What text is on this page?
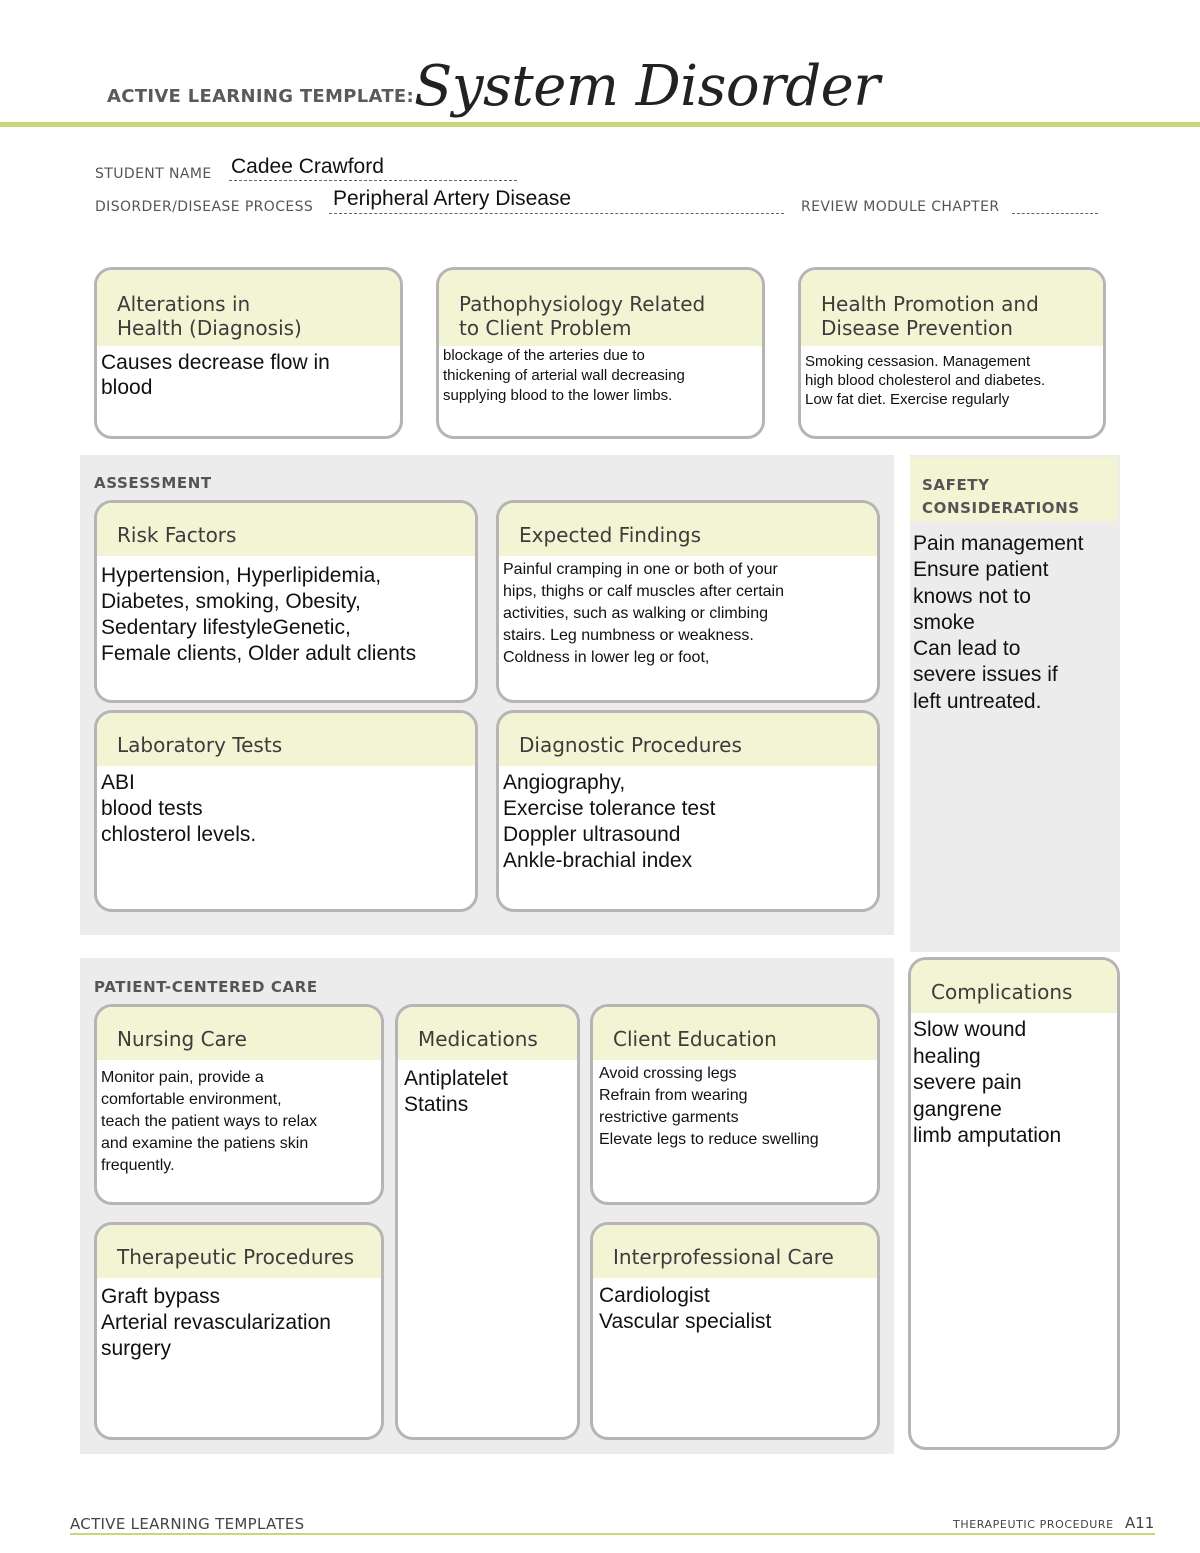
ACTIVE LEARNING TEMPLATE: System Disorder
STUDENT NAME Cadee Crawford
DISORDER/DISEASE PROCESS Peripheral Artery Disease	REVIEW MODULE CHAPTER
Alterations in
Health (Diagnosis)
Causes decrease flow in
blood
Pathophysiology Related
to Client Problem
blockage of the arteries due to
thickening of arterial wall decreasing
supplying blood to the lower limbs.
Health Promotion and
Disease Prevention
Smoking cessasion. Management
high blood cholesterol and diabetes.
Low fat diet. Exercise regularly
ASSESSMENT
Risk Factors
Hypertension, Hyperlipidemia,
Diabetes, smoking, Obesity,
Sedentary lifestyleGenetic,
Female clients, Older adult clients
Expected Findings
Painful cramping in one or both of your
hips, thighs or calf muscles after certain
activities, such as walking or climbing
stairs. Leg numbness or weakness.
Coldness in lower leg or foot,
Laboratory Tests
ABI
blood tests
chlosterol levels.
Diagnostic Procedures
Angiography,
Exercise tolerance test
Doppler ultrasound
Ankle-brachial index
SAFETY
CONSIDERATIONS
Pain management
Ensure patient
knows not to
smoke
Can lead to
severe issues if
left untreated.
PATIENT-CENTERED CARE
Nursing Care
Monitor pain, provide a
comfortable environment,
teach the patient ways to relax
and examine the patiens skin
frequently.
Medications
Antiplatelet
Statins
Client Education
Avoid crossing legs
Refrain from wearing
restrictive garments
Elevate legs to reduce swelling
Therapeutic Procedures
Graft bypass
Arterial revascularization
surgery
Interprofessional Care
Cardiologist
Vascular specialist
Complications
Slow wound
healing
severe pain
gangrene
limb amputation
ACTIVE LEARNING TEMPLATES	THERAPEUTIC PROCEDURE A11
